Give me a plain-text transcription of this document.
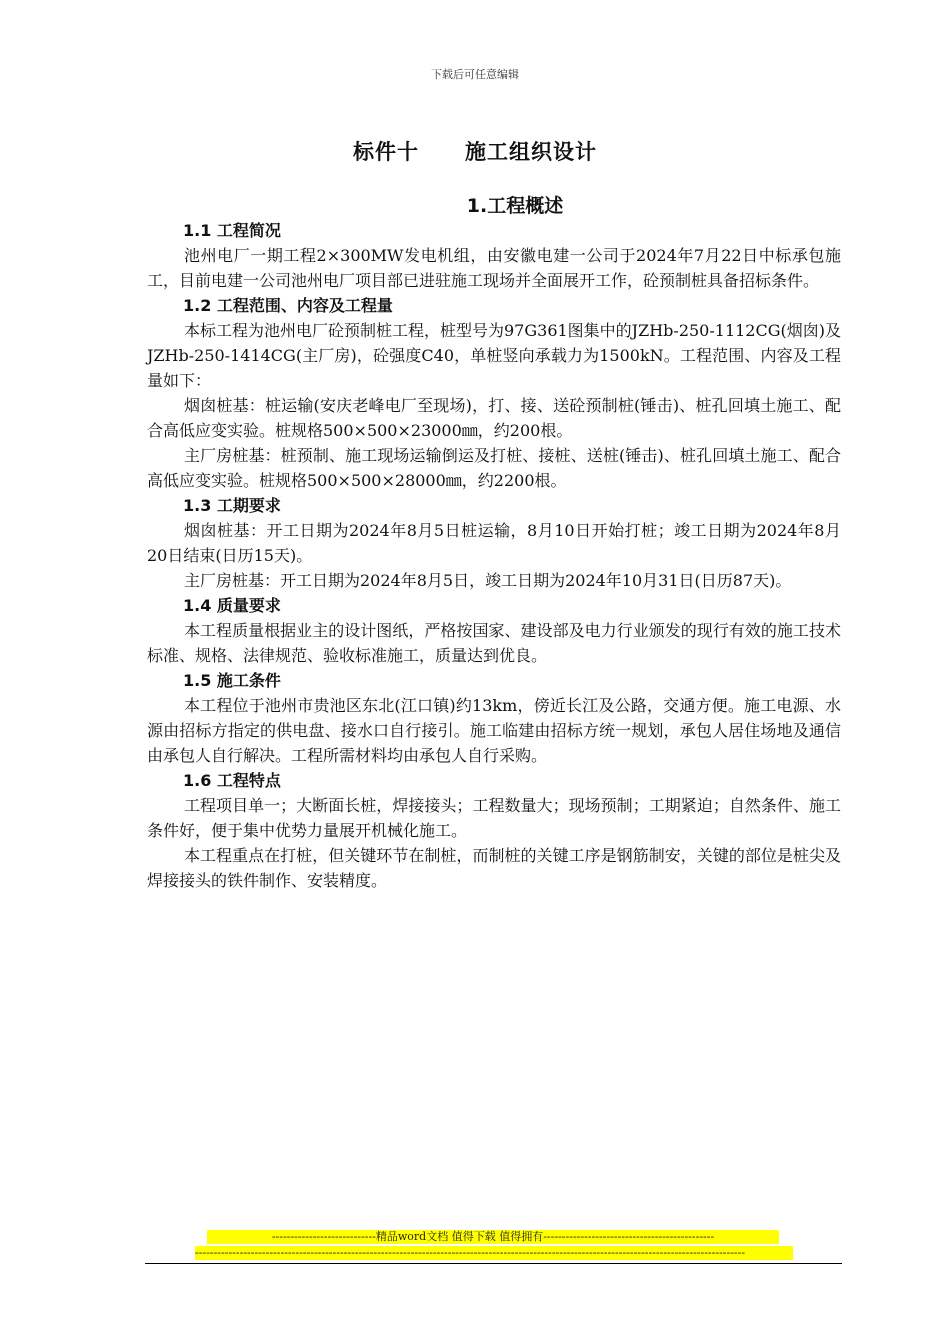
下载后可任意编辑
标件十 施工组织设计
1.工程概述
1.1 工程简况

池州电厂一期工程2×300MW发电机组，由安徽电建一公司于2024年7月22日中标承包施工，目前电建一公司池州电厂项目部已进驻施工现场并全面展开工作，砼预制桩具备招标条件。

1.2 工程范围、内容及工程量

本标工程为池州电厂砼预制桩工程，桩型号为97G361图集中的JZHb-250-1112CG(烟囱)及JZHb-250-1414CG(主厂房)，砼强度C40，单桩竖向承载力为1500kN。工程范围、内容及工程量如下：

烟囱桩基：桩运输(安庆老峰电厂至现场)，打、接、送砼预制桩(锤击)、桩孔回填土施工、配合高低应变实验。桩规格500×500×23000㎜，约200根。

主厂房桩基：桩预制、施工现场运输倒运及打桩、接桩、送桩(锤击)、桩孔回填土施工、配合高低应变实验。桩规格500×500×28000㎜，约2200根。

1.3 工期要求

烟囱桩基：开工日期为2024年8月5日桩运输，8月10日开始打桩；竣工日期为2024年8月20日结束(日历15天)。

主厂房桩基：开工日期为2024年8月5日，竣工日期为2024年10月31日(日历87天)。

1.4 质量要求

本工程质量根据业主的设计图纸，严格按国家、建设部及电力行业颁发的现行有效的施工技术标准、规格、法律规范、验收标准施工，质量达到优良。

1.5 施工条件

本工程位于池州市贵池区东北(江口镇)约13km，傍近长江及公路，交通方便。施工电源、水源由招标方指定的供电盘、接水口自行接引。施工临建由招标方统一规划，承包人居住场地及通信由承包人自行解决。工程所需材料均由承包人自行采购。

1.6 工程特点

工程项目单一；大断面长桩，焊接接头；工程数量大；现场预制；工期紧迫；自然条件、施工条件好，便于集中优势力量展开机械化施工。

本工程重点在打桩，但关键环节在制桩，而制桩的关键工序是钢筋制安，关键的部位是桩尖及焊接接头的铁件制作、安装精度。

----------------------------精品word文档 值得下载 值得拥有----------------------------------------------
----------------------------------------------------------------------------------------------------------------------------------------------------
